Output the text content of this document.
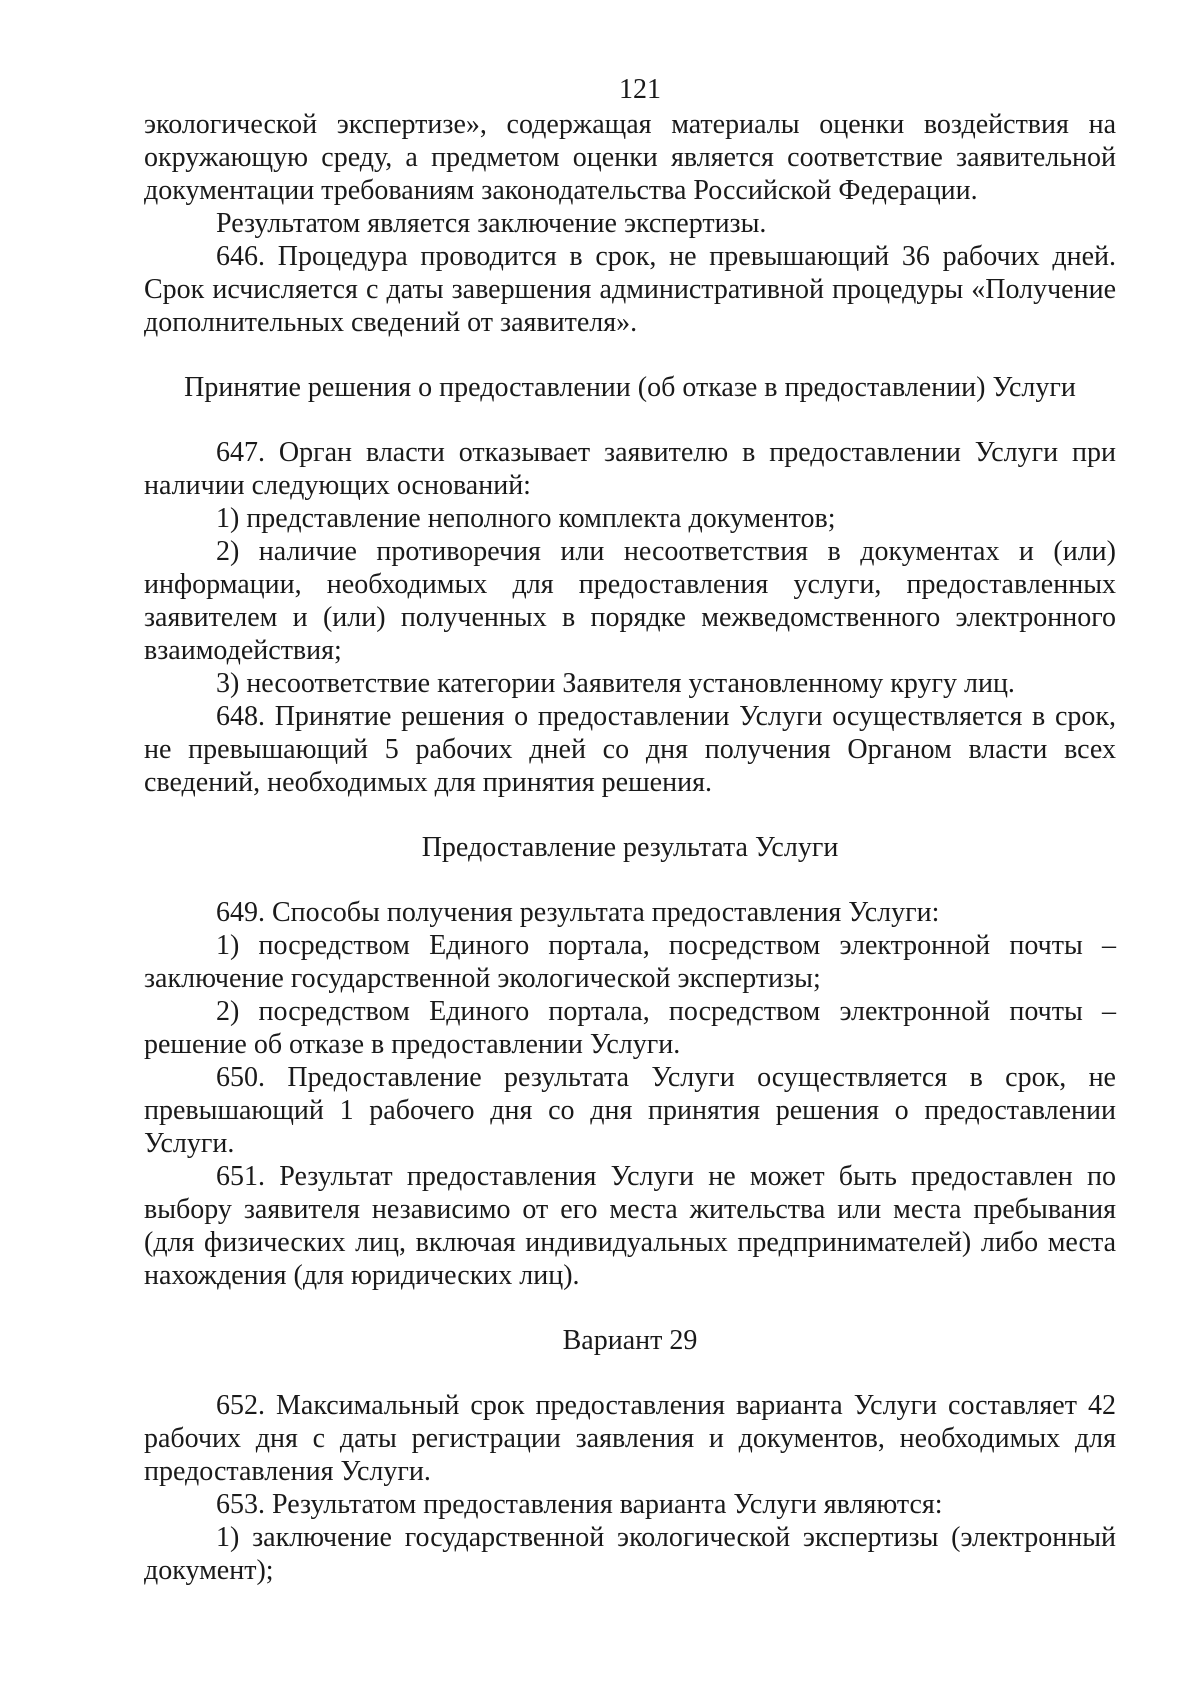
121

экологической экспертизе», содержащая материалы оценки воздействия на окружающую среду, а предметом оценки является соответствие заявительной документации требованиям законодательства Российской Федерации.

Результатом является заключение экспертизы.

646. Процедура проводится в срок, не превышающий 36 рабочих дней. Срок исчисляется с даты завершения административной процедуры «Получение дополнительных сведений от заявителя».

Принятие решения о предоставлении (об отказе в предоставлении) Услуги

647. Орган власти отказывает заявителю в предоставлении Услуги при наличии следующих оснований:

1) представление неполного комплекта документов;

2) наличие противоречия или несоответствия в документах и (или) информации, необходимых для предоставления услуги, предоставленных заявителем и (или) полученных в порядке межведомственного электронного взаимодействия;

3) несоответствие категории Заявителя установленному кругу лиц.

648. Принятие решения о предоставлении Услуги осуществляется в срок, не превышающий 5 рабочих дней со дня получения Органом власти всех сведений, необходимых для принятия решения.

Предоставление результата Услуги

649. Способы получения результата предоставления Услуги:

1) посредством Единого портала, посредством электронной почты – заключение государственной экологической экспертизы;

2) посредством Единого портала, посредством электронной почты – решение об отказе в предоставлении Услуги.

650. Предоставление результата Услуги осуществляется в срок, не превышающий 1 рабочего дня со дня принятия решения о предоставлении Услуги.

651. Результат предоставления Услуги не может быть предоставлен по выбору заявителя независимо от его места жительства или места пребывания (для физических лиц, включая индивидуальных предпринимателей) либо места нахождения (для юридических лиц).

Вариант 29

652. Максимальный срок предоставления варианта Услуги составляет 42 рабочих дня с даты регистрации заявления и документов, необходимых для предоставления Услуги.

653. Результатом предоставления варианта Услуги являются:

1) заключение государственной экологической экспертизы (электронный документ);
